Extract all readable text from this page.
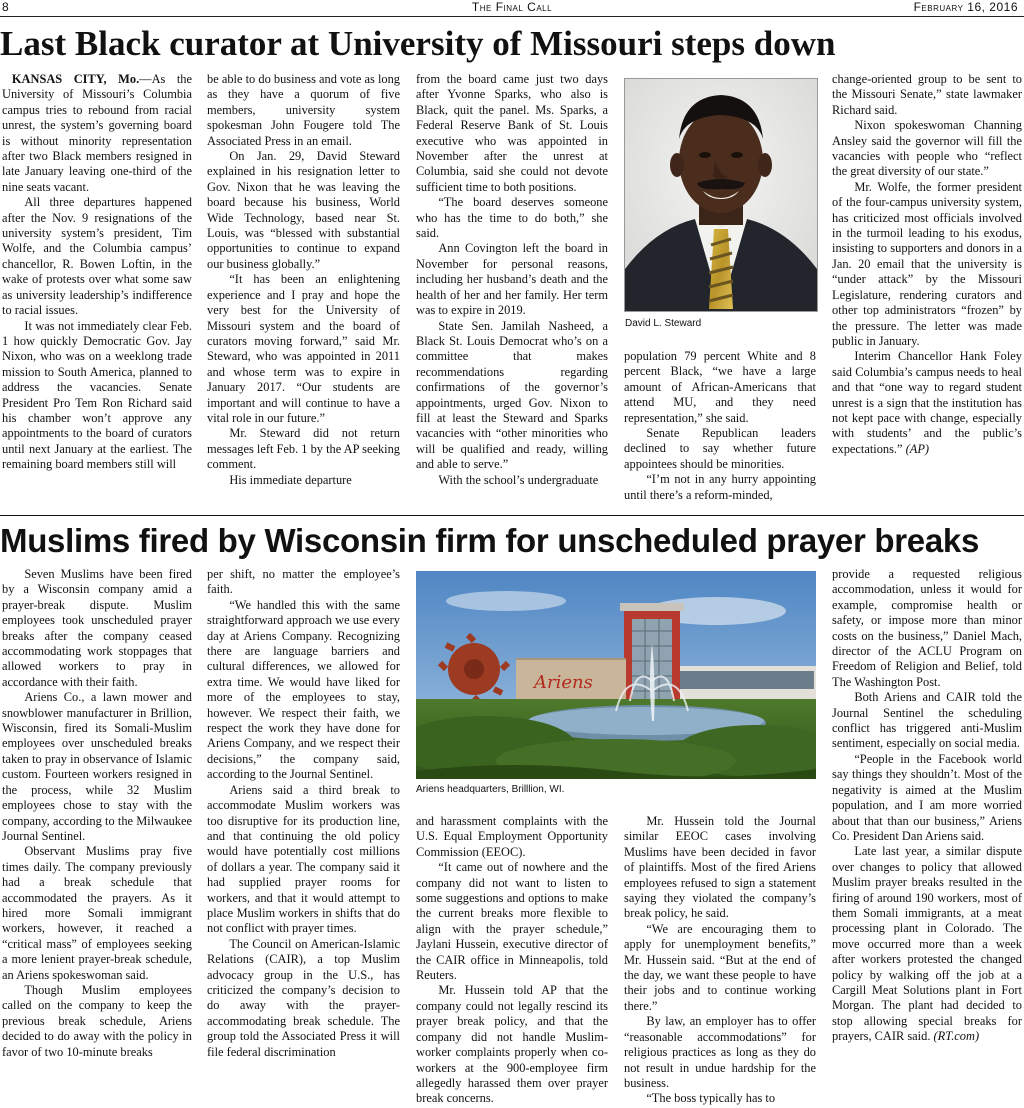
8	The Final Call	February 16, 2016
Last Black curator at University of Missouri steps down

KANSAS CITY, Mo.—As the University of Missouri’s Columbia campus tries to rebound from racial unrest, the system’s governing board is without minority representation after two Black members resigned in late January leaving one-third of the nine seats vacant.

All three departures happened after the Nov. 9 resignations of the university system’s president, Tim Wolfe, and the Columbia campus’ chancellor, R. Bowen Loftin, in the wake of protests over what some saw as university leadership’s indifference to racial issues.

It was not immediately clear Feb. 1 how quickly Democratic Gov. Jay Nixon, who was on a weeklong trade mission to South America, planned to address the vacancies. Senate President Pro Tem Ron Richard said his chamber won’t approve any appointments to the board of curators until next January at the earliest. The remaining board members still will

be able to do business and vote as long as they have a quorum of five members, university system spokesman John Fougere told The Associated Press in an email.

On Jan. 29, David Steward explained in his resignation letter to Gov. Nixon that he was leaving the board because his business, World Wide Technology, based near St. Louis, was “blessed with substantial opportunities to continue to expand our business globally.”

“It has been an enlightening experience and I pray and hope the very best for the University of Missouri system and the board of curators moving forward,” said Mr. Steward, who was appointed in 2011 and whose term was to expire in January 2017. “Our students are important and will continue to have a vital role in our future.”

Mr. Steward did not return messages left Feb. 1 by the AP seeking comment.

His immediate departure

from the board came just two days after Yvonne Sparks, who also is Black, quit the panel. Ms. Sparks, a Federal Reserve Bank of St. Louis executive who was appointed in November after the unrest at Columbia, said she could not devote sufficient time to both positions.

“The board deserves someone who has the time to do both,” she said.

Ann Covington left the board in November for personal reasons, including her husband’s death and the health of her and her family. Her term was to expire in 2019.

State Sen. Jamilah Nasheed, a Black St. Louis Democrat who’s on a committee that makes recommendations regarding confirmations of the governor’s appointments, urged Gov. Nixon to fill at least the Steward and Sparks vacancies with “other minorities who will be qualified and ready, willing and able to serve.”

With the school’s undergraduate

David L. Steward

population 79 percent White and 8 percent Black, “we have a large amount of African-Americans that attend MU, and they need representation,” she said.

Senate Republican leaders declined to say whether future appointees should be minorities.

“I’m not in any hurry appointing until there’s a reform-minded,

change-oriented group to be sent to the Missouri Senate,” state lawmaker Richard said.

Nixon spokeswoman Channing Ansley said the governor will fill the vacancies with people who “reflect the great diversity of our state.”

Mr. Wolfe, the former president of the four-campus university system, has criticized most officials involved in the turmoil leading to his exodus, insisting to supporters and donors in a Jan. 20 email that the university is “under attack” by the Missouri Legislature, rendering curators and other top administrators “frozen” by the pressure. The letter was made public in January.

Interim Chancellor Hank Foley said Columbia’s campus needs to heal and that “one way to regard student unrest is a sign that the institution has not kept pace with change, especially with students’ and the public’s expectations.” (AP)

Muslims fired by Wisconsin firm for unscheduled prayer breaks

Seven Muslims have been fired by a Wisconsin company amid a prayer-break dispute. Muslim employees took unscheduled prayer breaks after the company ceased accommodating work stoppages that allowed workers to pray in accordance with their faith.

Ariens Co., a lawn mower and snowblower manufacturer in Brillion, Wisconsin, fired its Somali-Muslim employees over unscheduled breaks taken to pray in observance of Islamic custom. Fourteen workers resigned in the process, while 32 Muslim employees chose to stay with the company, according to the Milwaukee Journal Sentinel.

Observant Muslims pray five times daily. The company previously had a break schedule that accommodated the prayers. As it hired more Somali immigrant workers, however, it reached a “critical mass” of employees seeking a more lenient prayer-break schedule, an Ariens spokeswoman said.

Though Muslim employees called on the company to keep the previous break schedule, Ariens decided to do away with the policy in favor of two 10-minute breaks

per shift, no matter the employee’s faith.

“We handled this with the same straightforward approach we use every day at Ariens Company. Recognizing there are language barriers and cultural differences, we allowed for extra time. We would have liked for more of the employees to stay, however. We respect their faith, we respect the work they have done for Ariens Company, and we respect their decisions,” the company said, according to the Journal Sentinel.

Ariens said a third break to accommodate Muslim workers was too disruptive for its production line, and that continuing the old policy would have potentially cost millions of dollars a year. The company said it had supplied prayer rooms for workers, and that it would attempt to place Muslim workers in shifts that do not conflict with prayer times.

The Council on American-Islamic Relations (CAIR), a top Muslim advocacy group in the U.S., has criticized the company’s decision to do away with the prayer-accommodating break schedule. The group told the Associated Press it will file federal discrimination

Ariens
Ariens headquarters, Brilllion, WI.

and harassment complaints with the U.S. Equal Employment Opportunity Commission (EEOC).

“It came out of nowhere and the company did not want to listen to some suggestions and options to make the current breaks more flexible to align with the prayer schedule,” Jaylani Hussein, executive director of the CAIR office in Minneapolis, told Reuters.

Mr. Hussein told AP that the company could not legally rescind its prayer break policy, and that the company did not handle Muslim-worker complaints properly when co-workers at the 900-employee firm allegedly harassed them over prayer break concerns.

Mr. Hussein told the Journal similar EEOC cases involving Muslims have been decided in favor of plaintiffs. Most of the fired Ariens employees refused to sign a statement saying they violated the company’s break policy, he said.

“We are encouraging them to apply for unemployment benefits,” Mr. Hussein said. “But at the end of the day, we want these people to have their jobs and to continue working there.”

By law, an employer has to offer “reasonable accommodations” for religious practices as long as they do not result in undue hardship for the business.

“The boss typically has to

provide a requested religious accommodation, unless it would for example, compromise health or safety, or impose more than minor costs on the business,” Daniel Mach, director of the ACLU Program on Freedom of Religion and Belief, told The Washington Post.

Both Ariens and CAIR told the Journal Sentinel the scheduling conflict has triggered anti-Muslim sentiment, especially on social media.

“People in the Facebook world say things they shouldn’t. Most of the negativity is aimed at the Muslim population, and I am more worried about that than our business,” Ariens Co. President Dan Ariens said.

Late last year, a similar dispute over changes to policy that allowed Muslim prayer breaks resulted in the firing of around 190 workers, most of them Somali immigrants, at a meat processing plant in Colorado. The move occurred more than a week after workers protested the changed policy by walking off the job at a Cargill Meat Solutions plant in Fort Morgan. The plant had decided to stop allowing special breaks for prayers, CAIR said. (RT.com)
